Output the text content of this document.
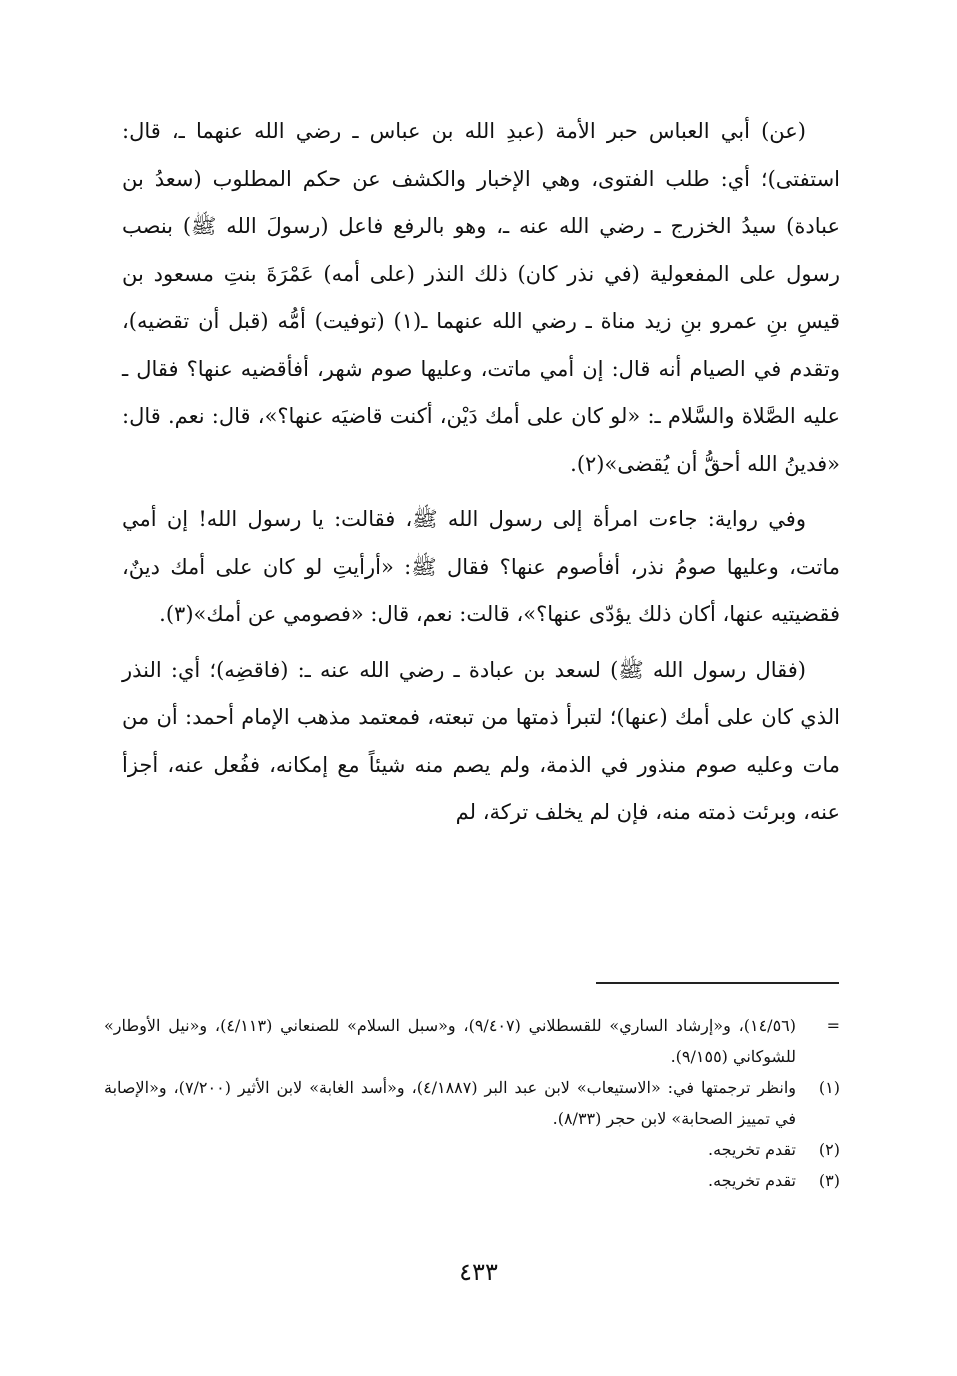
(عن) أبي العباس حبر الأمة (عبدِ الله بن عباس ـ رضي الله عنهما ـ، قال: استفتى)؛ أي: طلب الفتوى، وهي الإخبار والكشف عن حكم المطلوب (سعدُ بن عبادة) سيدُ الخزرج ـ رضي الله عنه ـ، وهو بالرفع فاعل (رسولَ الله ﷺ) بنصب رسول على المفعولية (في نذر كان) ذلك النذر (على أمه) عَمْرَةَ بنتِ مسعود بن قيسِ بنِ عمرو بنِ زيد مناة ـ رضي الله عنهما ـ(١) (توفيت) أمُّه (قبل أن تقضيه)، وتقدم في الصيام أنه قال: إن أمي ماتت، وعليها صوم شهر، أفأقضيه عنها؟ فقال ـ عليه الصَّلاة والسَّلام ـ: «لو كان على أمك دَيْن، أكنت قاضيَه عنها؟»، قال: نعم. قال: «فدينُ الله أحقُّ أن يُقضى»(٢).

وفي رواية: جاءت امرأة إلى رسول الله ﷺ، فقالت: يا رسول الله! إن أمي ماتت، وعليها صومُ نذر، أفأصوم عنها؟ فقال ﷺ: «أرأيتِ لو كان على أمك دينٌ، فقضيتيه عنها، أكان ذلك يؤدّى عنها؟»، قالت: نعم، قال: «فصومي عن أمك»(٣).

(فقال رسول الله ﷺ) لسعد بن عبادة ـ رضي الله عنه ـ: (فاقضِه)؛ أي: النذر الذي كان على أمك (عنها)؛ لتبرأ ذمتها من تبعته، فمعتمد مذهب الإمام أحمد: أن من مات وعليه صوم منذور في الذمة، ولم يصم منه شيئاً مع إمكانه، ففُعل عنه، أجزأ عنه، وبرئت ذمته منه، فإن لم يخلف تركة، لم

=
(١٤/٥٦)، و«إرشاد الساري» للقسطلاني (٩/٤٠٧)، و«سبل السلام» للصنعاني (٤/١١٣)، و«نيل الأوطار» للشوكاني (٩/١٥٥).
(١)
وانظر ترجمتها في: «الاستيعاب» لابن عبد البر (٤/١٨٨٧)، و«أسد الغابة» لابن الأثير (٧/٢٠٠)، و«الإصابة في تمييز الصحابة» لابن حجر (٨/٣٣).
(٢)
تقدم تخريجه.
(٣)
تقدم تخريجه.
٤٣٣
